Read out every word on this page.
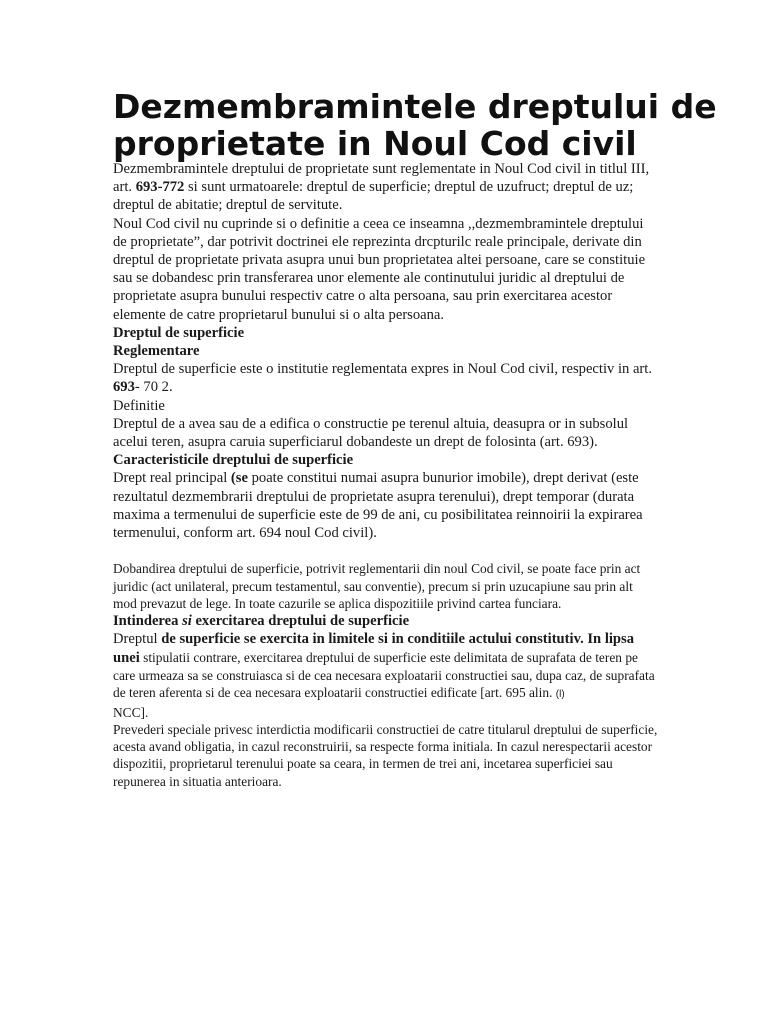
Dezmembramintele dreptului de proprietate in Noul Cod civil

Dezmembramintele dreptului de proprietate sunt reglementate in Noul Cod civil in titlul III, art. 693-772 si sunt urmatoarele: dreptul de superficie; dreptul de uzufruct; dreptul de uz; dreptul de abitatie; dreptul de servitute.

Noul Cod civil nu cuprinde si o definitie a ceea ce inseamna ,,dezmembramintele dreptului de proprietate”, dar potrivit doctrinei ele reprezinta drcpturilc reale principale, derivate din dreptul de proprietate privata asupra unui bun proprietatea altei persoane, care se constituie sau se dobandesc prin transferarea unor elemente ale continutului juridic al dreptului de proprietate asupra bunului respectiv catre o alta persoana, sau prin exercitarea acestor elemente de catre proprietarul bunului si o alta persoana.

Dreptul de superficie

Reglementare

Dreptul de superficie este o institutie reglementata expres in Noul Cod civil, respectiv in art.

693- 70 2.

Definitie

Dreptul de a avea sau de a edifica o constructie pe terenul altuia, deasupra or in subsolul acelui teren, asupra caruia superficiarul dobandeste un drept de folosinta (art. 693).

Caracteristicile dreptului de superficie

Drept real principal (se poate constitui numai asupra bunurior imobile), drept derivat (este rezultatul dezmembrarii dreptului de proprietate asupra terenului), drept temporar (durata maxima a termenului de superficie este de 99 de ani, cu posibilitatea reinnoirii la expirarea termenului, conform art. 694 noul Cod civil).

Dobandirea dreptului de superficie, potrivit reglementarii din noul Cod civil, se poate face prin act juridic (act unilateral, precum testamentul, sau conventie), precum si prin uzucapiune sau prin alt mod prevazut de lege. In toate cazurile se aplica dispozitiile privind cartea funciara.

Intinderea si exercitarea dreptului de superficie

Dreptul de superficie se exercita in limitele si in conditiile actului constitutiv. In lipsa unei stipulatii contrare, exercitarea dreptului de superficie este delimitata de suprafata de teren pe care urmeaza sa se construiasca si de cea necesara exploatarii constructiei sau, dupa caz, de suprafata de teren aferenta si de cea necesara exploatarii constructiei edificate [art. 695 alin. (l)
NCC].

Prevederi speciale privesc interdictia modificarii constructiei de catre titularul dreptului de superficie, acesta avand obligatia, in cazul reconstruirii, sa respecte forma initiala. In cazul nerespectarii acestor dispozitii, proprietarul terenului poate sa ceara, in termen de trei ani, incetarea superficiei sau repunerea in situatia anterioara.
